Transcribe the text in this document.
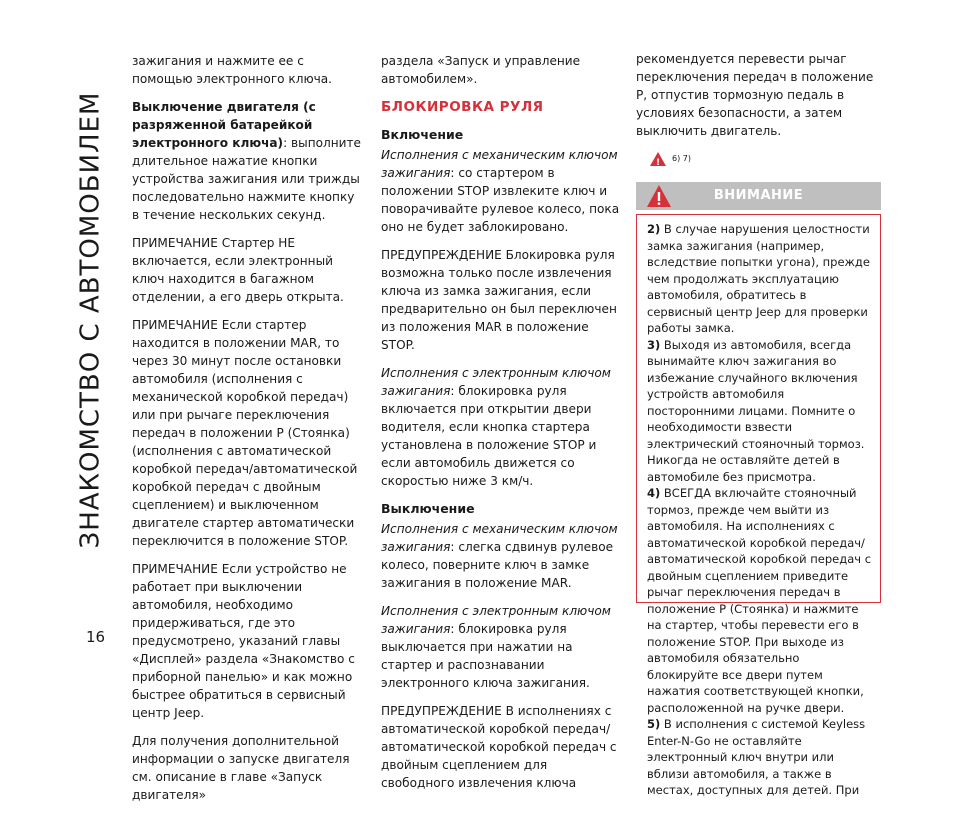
ЗНАКОМСТВО С АВТОМОБИЛЕМ
16

зажигания и нажмите ее с помощью электронного ключа.

Выключение двигателя (с разряженной батарейкой электронного ключа): выполните длительное нажатие кнопки устройства зажигания или трижды последовательно нажмите кнопку в течение нескольких секунд.

ПРИМЕЧАНИЕ Стартер НЕ включается, если электронный ключ находится в багажном отделении, а его дверь открыта.

ПРИМЕЧАНИЕ Если стартер находится в положении MAR, то через 30 минут после остановки автомобиля (исполнения с механической коробкой передач) или при рычаге переключения передач в положении P (Стоянка) (исполнения с автоматической коробкой передач/автоматической коробкой передач с двойным сцеплением) и выключенном двигателе стартер автоматически переключится в положение STOP.

ПРИМЕЧАНИЕ Если устройство не работает при выключении автомобиля, необходимо придерживаться, где это предусмотрено, указаний главы «Дисплей» раздела «Знакомство с приборной панелью» и как можно быстрее обратиться в сервисный центр Jeep.

Для получения дополнительной информации о запуске двигателя см. описание в главе «Запуск двигателя»

раздела «Запуск и управление автомобилем».

БЛОКИРОВКА РУЛЯ
Включение

Исполнения с механическим ключом зажигания: со стартером в положении STOP извлеките ключ и поворачивайте рулевое колесо, пока оно не будет заблокировано.

ПРЕДУПРЕЖДЕНИЕ Блокировка руля возможна только после извлечения ключа из замка зажигания, если предварительно он был переключен из положения MAR в положение STOP.

Исполнения с электронным ключом зажигания: блокировка руля включается при открытии двери водителя, если кнопка стартера установлена в положение STOP и если автомобиль движется со скоростью ниже 3 км/ч.

Выключение

Исполнения с механическим ключом зажигания: слегка сдвинув рулевое колесо, поверните ключ в замке зажигания в положение MAR.

Исполнения с электронным ключом зажигания: блокировка руля выключается при нажатии на стартер и распознавании электронного ключа зажигания.

ПРЕДУПРЕЖДЕНИЕ В исполнениях с автоматической коробкой передач/автоматической коробкой передач с двойным сцеплением для свободного извлечения ключа

рекомендуется перевести рычаг переключения передач в положение P, отпустив тормозную педаль в условиях безопасности, а затем выключить двигатель.

!
6) 7)
ВНИМАНИЕ

2) В случае нарушения целостности замка зажигания (например, вследствие попытки угона), прежде чем продолжать эксплуатацию автомобиля, обратитесь в сервисный центр Jeep для проверки работы замка.

3) Выходя из автомобиля, всегда вынимайте ключ зажигания во избежание случайного включения устройств автомобиля посторонними лицами. Помните о необходимости взвести электрический стояночный тормоз. Никогда не оставляйте детей в автомобиле без присмотра.

4) ВСЕГДА включайте стояночный тормоз, прежде чем выйти из автомобиля. На исполнениях с автоматической коробкой передач/автоматической коробкой передач с двойным сцеплением приведите рычаг переключения передач в положение P (Стоянка) и нажмите на стартер, чтобы перевести его в положение STOP. При выходе из автомобиля обязательно блокируйте все двери путем нажатия соответствующей кнопки, расположенной на ручке двери.

5) В исполнения с системой Keyless Enter-N-Go не оставляйте электронный ключ внутри или вблизи автомобиля, а также в местах, доступных для детей. При
